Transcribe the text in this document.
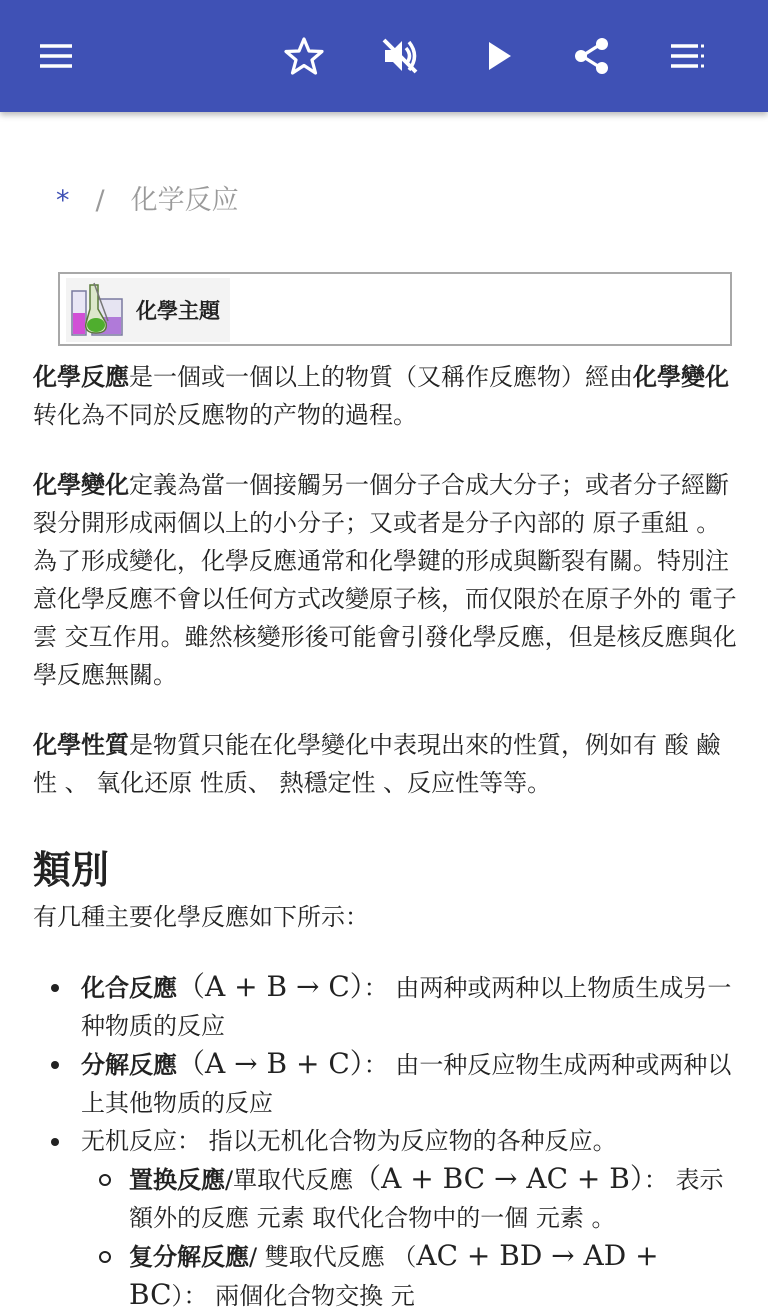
* / 化学反应
化學主題

化學反應是一個或一個以上的物質（又稱作反應物）經由化學變化转化為不同於反應物的产物的過程。

化學變化定義為當一個接觸另一個分子合成大分子；或者分子經斷裂分開形成兩個以上的小分子；又或者是分子內部的 原子重組 。為了形成變化，化學反應通常和化學鍵的形成與斷裂有關。特別注意化學反應不會以任何方式改變原子核，而仅限於在原子外的 電子雲 交互作用。雖然核變形後可能會引發化學反應，但是核反應與化學反應無關。

化學性質是物質只能在化學變化中表現出來的性質，例如有 酸 鹼性 、 氧化还原 性质、 熱穩定性 、反应性等等。

類別
有几種主要化學反應如下所示：
化合反應（A + B → C）： 由两种或两种以上物质生成另一种物质的反应
分解反應（A → B + C）： 由一种反应物生成两种或两种以上其他物质的反应
无机反应： 指以无机化合物为反应物的各种反应。
置换反應/單取代反應（A + BC → AC + B）： 表示額外的反應 元素 取代化合物中的一個 元素 。
复分解反應/ 雙取代反應 （AC + BD → AD + BC）： 兩個化合物交換 元
